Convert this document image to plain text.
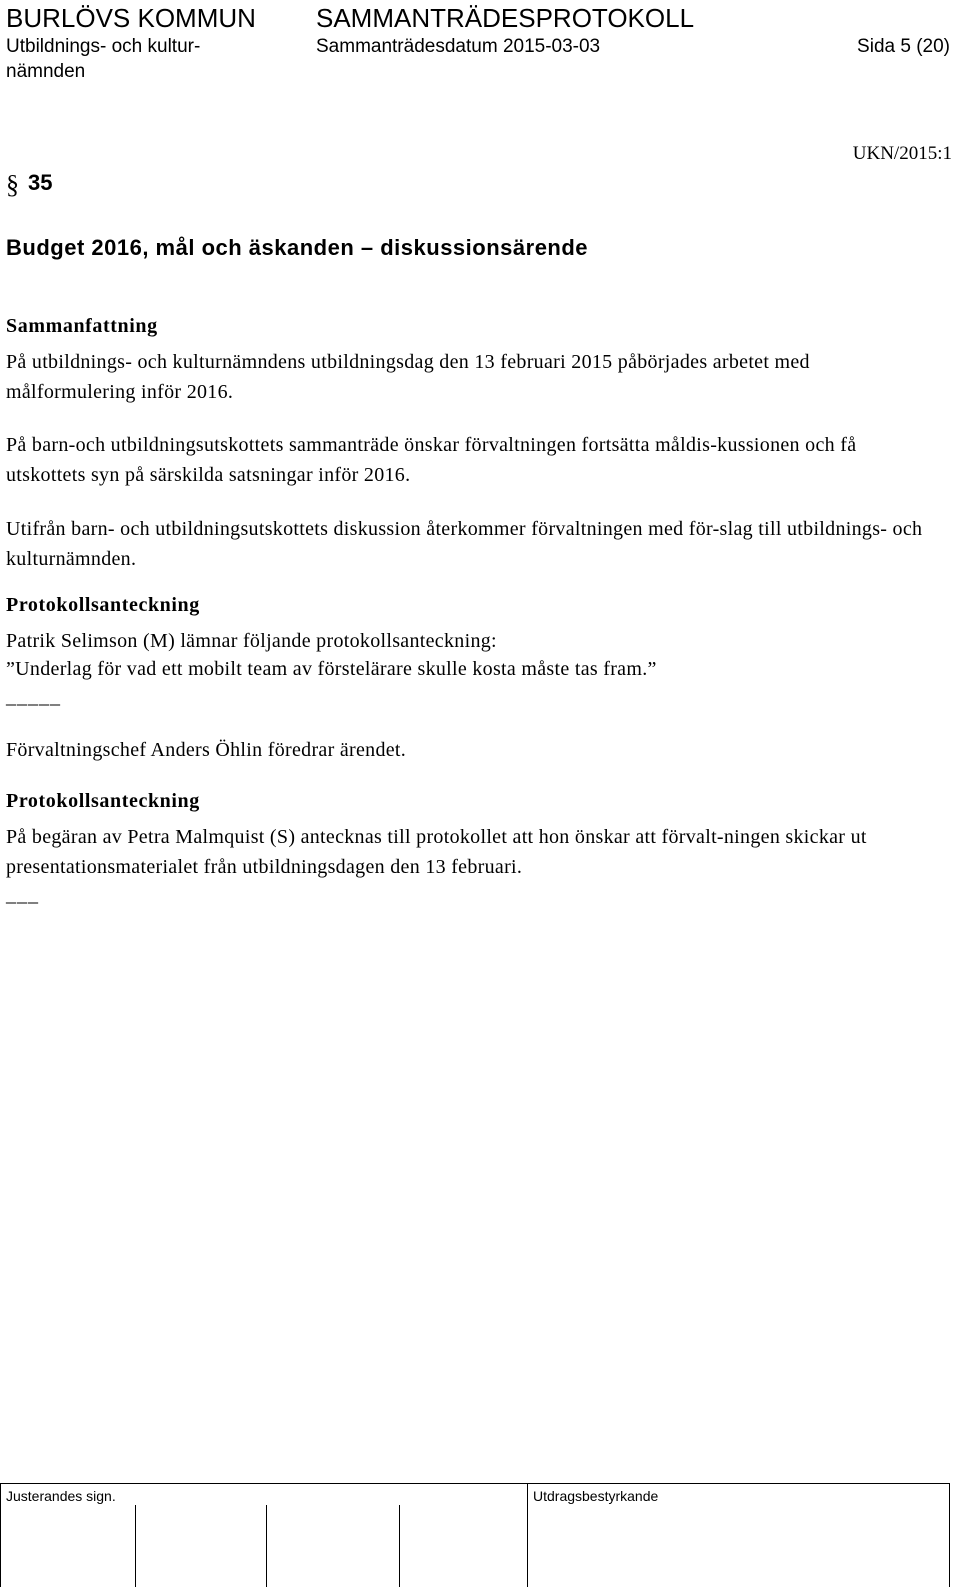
BURLÖVS KOMMUN SAMMANTRÄDESPROTOKOLL
Utbildnings- och kultur-
nämnden
Sammanträdesdatum 2015-03-03	Sida 5 (20)
UKN/2015:1
§ 35
Budget 2016, mål och äskanden – diskussionsärende
Sammanfattning
På utbildnings- och kulturnämndens utbildningsdag den 13 februari 2015 påbörjades arbetet med målformulering inför 2016.
På barn-och utbildningsutskottets sammanträde önskar förvaltningen fortsätta måldis-kussionen och få utskottets syn på särskilda satsningar inför 2016.
Utifrån barn- och utbildningsutskottets diskussion återkommer förvaltningen med för-slag till utbildnings- och kulturnämnden.
Protokollsanteckning
Patrik Selimson (M) lämnar följande protokollsanteckning:
”Underlag för vad ett mobilt team av förstelärare skulle kosta måste tas fram.”
_____
Förvaltningschef Anders Öhlin föredrar ärendet.
Protokollsanteckning
På begäran av Petra Malmquist (S) antecknas till protokollet att hon önskar att förvalt-ningen skickar ut presentationsmaterialet från utbildningsdagen den 13 februari.
___
Justerandes sign.	Utdragsbestyrkande
